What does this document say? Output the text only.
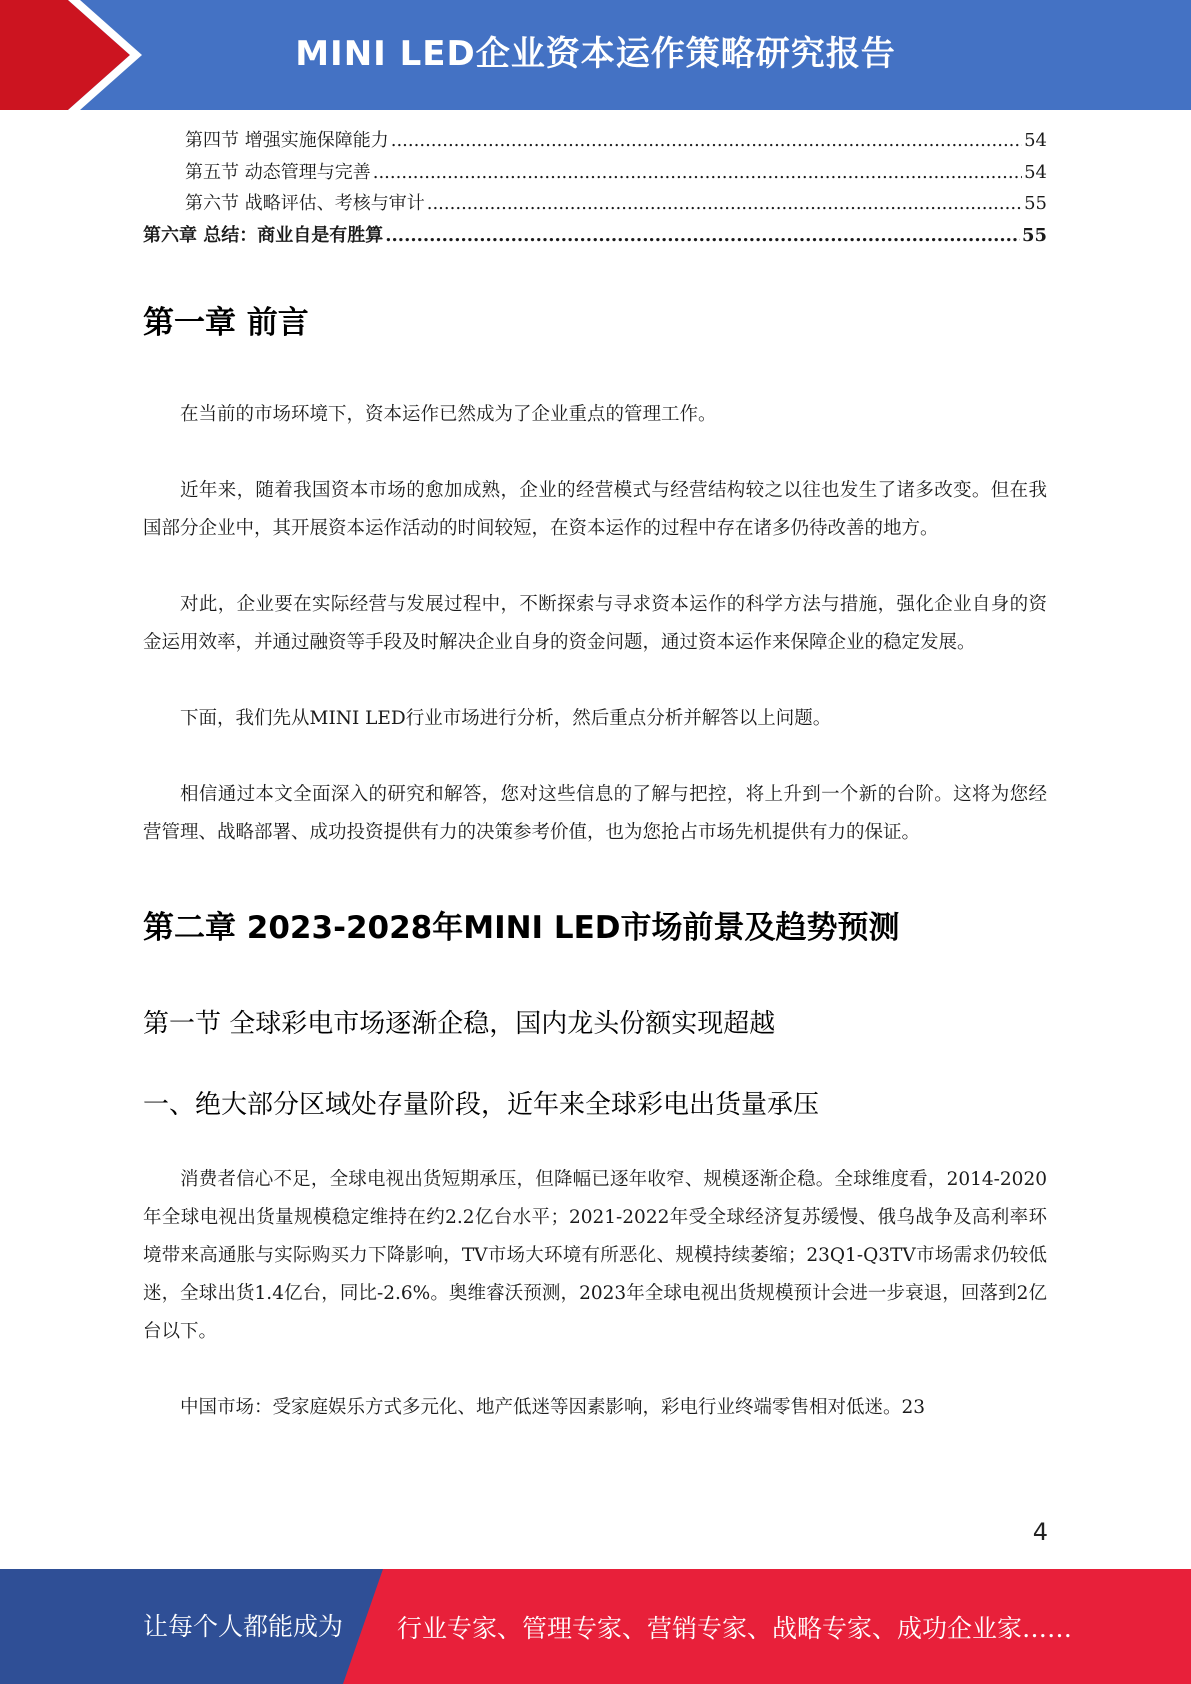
MINI LED企业资本运作策略研究报告
第四节 增强实施保障能力 .....	54
第五节 动态管理与完善 .....	54
第六节 战略评估、考核与审计 .....	55
第六章 总结：商业自是有胜算 .....	55
第一章 前言

在当前的市场环境下，资本运作已然成为了企业重点的管理工作。

近年来，随着我国资本市场的愈加成熟，企业的经营模式与经营结构较之以往也发生了诸多改变。但在我国部分企业中，其开展资本运作活动的时间较短，在资本运作的过程中存在诸多仍待改善的地方。

对此，企业要在实际经营与发展过程中，不断探索与寻求资本运作的科学方法与措施，强化企业自身的资金运用效率，并通过融资等手段及时解决企业自身的资金问题，通过资本运作来保障企业的稳定发展。

下面，我们先从MINI LED行业市场进行分析，然后重点分析并解答以上问题。

相信通过本文全面深入的研究和解答，您对这些信息的了解与把控，将上升到一个新的台阶。这将为您经营管理、战略部署、成功投资提供有力的决策参考价值，也为您抢占市场先机提供有力的保证。

第二章 2023-2028年MINI LED市场前景及趋势预测
第一节 全球彩电市场逐渐企稳，国内龙头份额实现超越
一、绝大部分区域处存量阶段，近年来全球彩电出货量承压

消费者信心不足，全球电视出货短期承压，但降幅已逐年收窄、规模逐渐企稳。全球维度看，2014-2020年全球电视出货量规模稳定维持在约2.2亿台水平；2021-2022年受全球经济复苏缓慢、俄乌战争及高利率环境带来高通胀与实际购买力下降影响，TV市场大环境有所恶化、规模持续萎缩；23Q1-Q3TV市场需求仍较低迷，全球出货1.4亿台，同比-2.6%。奥维睿沃预测，2023年全球电视出货规模预计会进一步衰退，回落到2亿台以下。

中国市场：受家庭娱乐方式多元化、地产低迷等因素影响，彩电行业终端零售相对低迷。23

4
让每个人都能成为 行业专家、管理专家、营销专家、战略专家、成功企业家……
